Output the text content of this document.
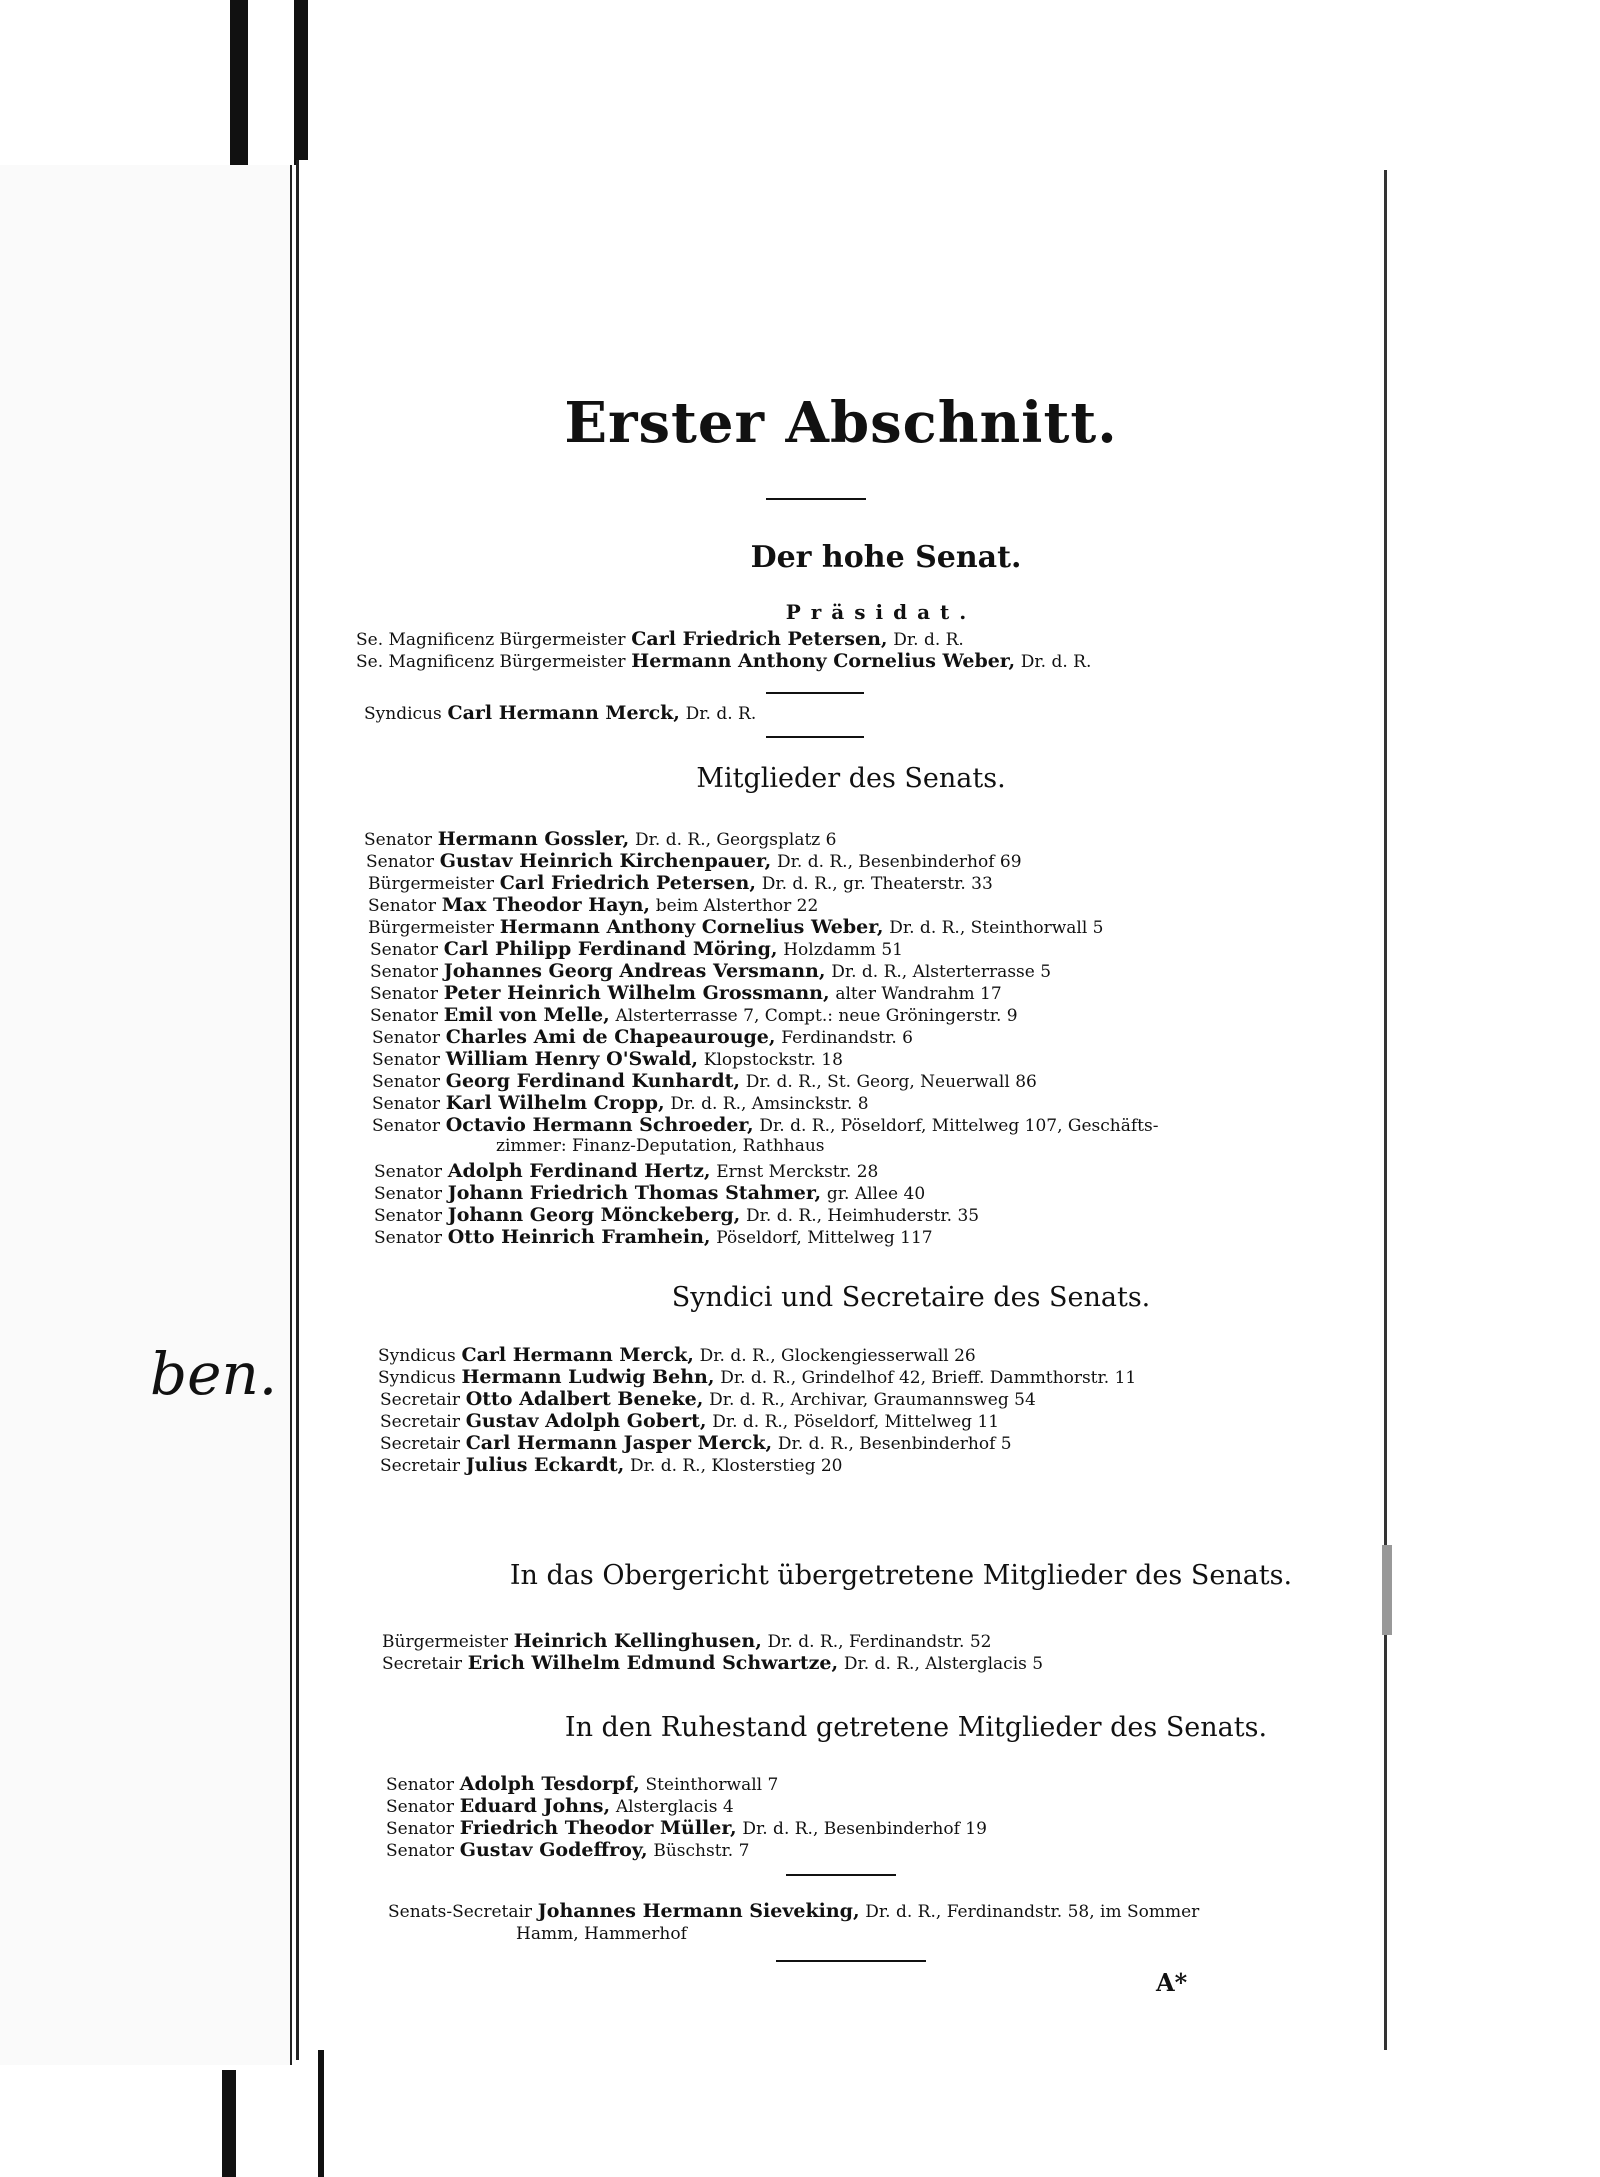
ben.
Erster Abschnitt.
Der hohe Senat.
Präsidat.
Se. Magnificenz Bürgermeister Carl Friedrich Petersen, Dr. d. R.
Se. Magnificenz Bürgermeister Hermann Anthony Cornelius Weber, Dr. d. R.
Syndicus Carl Hermann Merck, Dr. d. R.
Mitglieder des Senats.
Senator Hermann Gossler, Dr. d. R., Georgsplatz 6
Senator Gustav Heinrich Kirchenpauer, Dr. d. R., Besenbinderhof 69
Bürgermeister Carl Friedrich Petersen, Dr. d. R., gr. Theaterstr. 33
Senator Max Theodor Hayn, beim Alsterthor 22
Bürgermeister Hermann Anthony Cornelius Weber, Dr. d. R., Steinthorwall 5
Senator Carl Philipp Ferdinand Möring, Holzdamm 51
Senator Johannes Georg Andreas Versmann, Dr. d. R., Alsterterrasse 5
Senator Peter Heinrich Wilhelm Grossmann, alter Wandrahm 17
Senator Emil von Melle, Alsterterrasse 7, Compt.: neue Gröningerstr. 9
Senator Charles Ami de Chapeaurouge, Ferdinandstr. 6
Senator William Henry O'Swald, Klopstockstr. 18
Senator Georg Ferdinand Kunhardt, Dr. d. R., St. Georg, Neuerwall 86
Senator Karl Wilhelm Cropp, Dr. d. R., Amsinckstr. 8
Senator Octavio Hermann Schroeder, Dr. d. R., Pöseldorf, Mittelweg 107, Geschäfts-
zimmer: Finanz-Deputation, Rathhaus
Senator Adolph Ferdinand Hertz, Ernst Merckstr. 28
Senator Johann Friedrich Thomas Stahmer, gr. Allee 40
Senator Johann Georg Mönckeberg, Dr. d. R., Heimhuderstr. 35
Senator Otto Heinrich Framhein, Pöseldorf, Mittelweg 117
Syndici und Secretaire des Senats.
Syndicus Carl Hermann Merck, Dr. d. R., Glockengiesserwall 26
Syndicus Hermann Ludwig Behn, Dr. d. R., Grindelhof 42, Brieff. Dammthorstr. 11
Secretair Otto Adalbert Beneke, Dr. d. R., Archivar, Graumannsweg 54
Secretair Gustav Adolph Gobert, Dr. d. R., Pöseldorf, Mittelweg 11
Secretair Carl Hermann Jasper Merck, Dr. d. R., Besenbinderhof 5
Secretair Julius Eckardt, Dr. d. R., Klosterstieg 20
In das Obergericht übergetretene Mitglieder des Senats.
Bürgermeister Heinrich Kellinghusen, Dr. d. R., Ferdinandstr. 52
Secretair Erich Wilhelm Edmund Schwartze, Dr. d. R., Alsterglacis 5
In den Ruhestand getretene Mitglieder des Senats.
Senator Adolph Tesdorpf, Steinthorwall 7
Senator Eduard Johns, Alsterglacis 4
Senator Friedrich Theodor Müller, Dr. d. R., Besenbinderhof 19
Senator Gustav Godeffroy, Büschstr. 7
Senats-Secretair Johannes Hermann Sieveking, Dr. d. R., Ferdinandstr. 58, im Sommer
Hamm, Hammerhof
A*
